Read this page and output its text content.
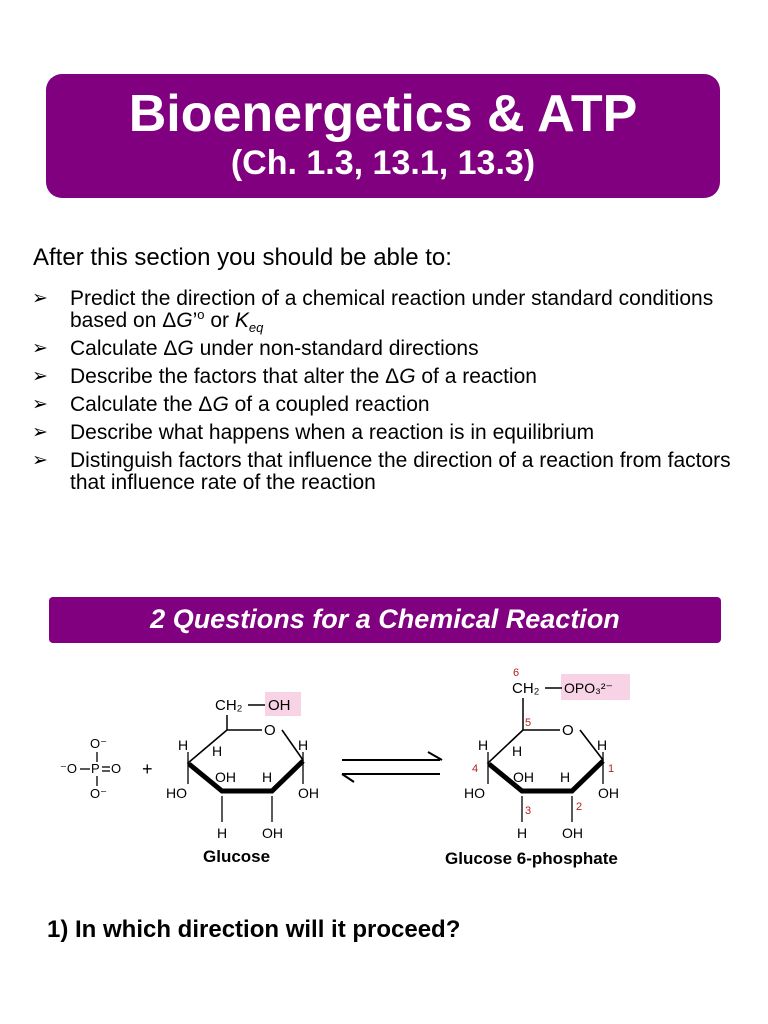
Bioenergetics & ATP
(Ch. 1.3, 13.1, 13.3)
After this section you should be able to:
➢ Predict the direction of a chemical reaction under standard conditions based on ΔG’$^o$ or $K_{eq}$
➢ Calculate ΔG under non-standard directions
➢ Describe the factors that alter the ΔG of a reaction
➢ Calculate the ΔG of a coupled reaction
➢ Describe what happens when a reaction is in equilibrium
➢ Distinguish factors that influence the direction of a reaction from factors that influence rate of the reaction
2 Questions for a Chemical Reaction
O⁻
⁻O P O
O⁻
+
CH₂ OH
O
H H	H
OH H
HO	OH
H OH
Glucose
6
CH₂ OPO₃²⁻
5 O
H H	H
4	1
OH H
HO	OH
3	2
H OH
Glucose 6-phosphate
1) In which direction will it proceed?
